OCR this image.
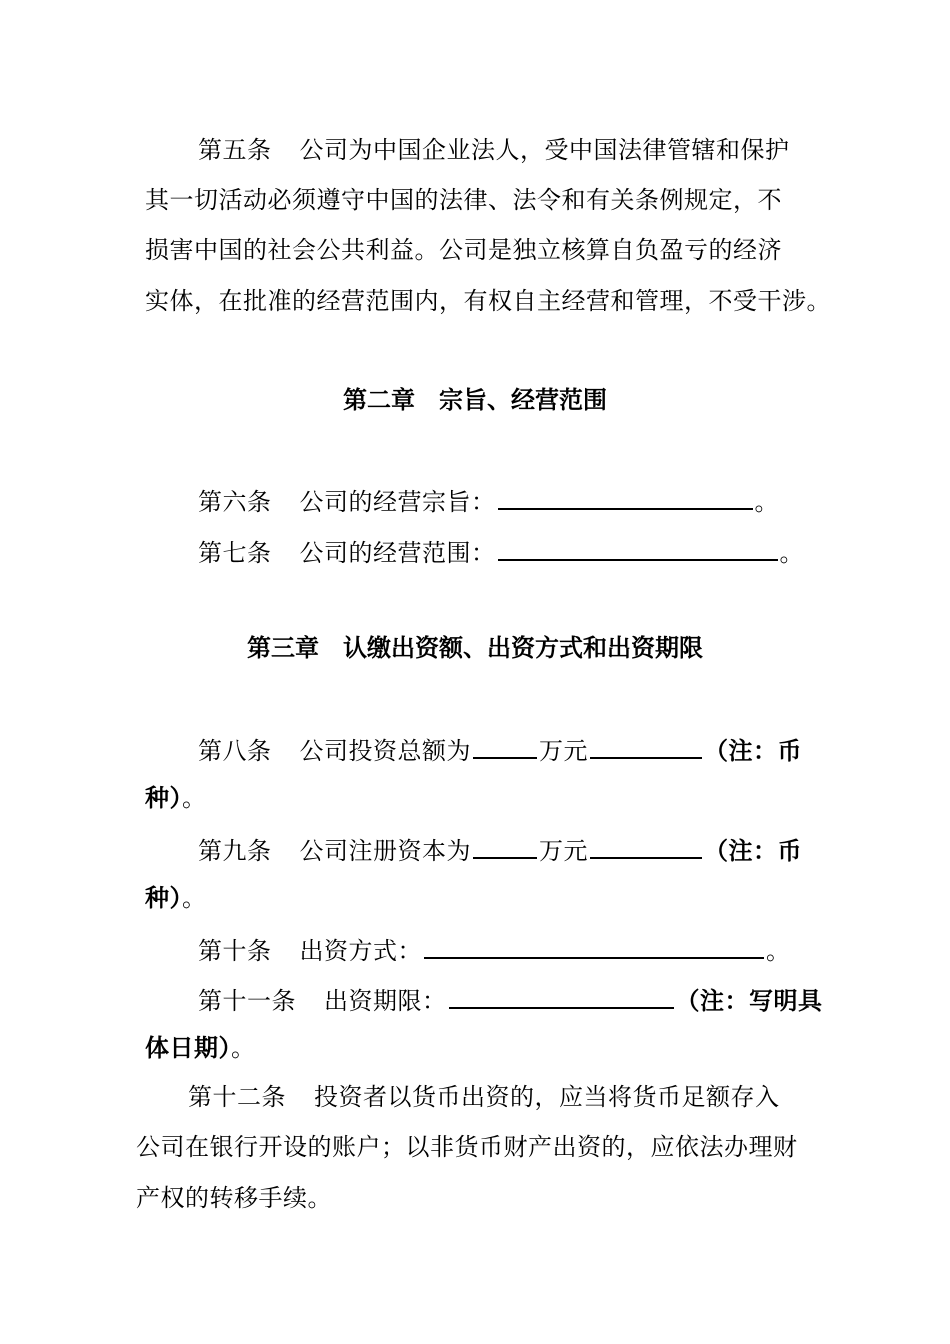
第五条 公司为中国企业法人，受中国法律管辖和保护
其一切活动必须遵守中国的法律、法令和有关条例规定，不
损害中国的社会公共利益。公司是独立核算自负盈亏的经济
实体，在批准的经营范围内，有权自主经营和管理，不受干涉。
第二章　宗旨、经营范围
第六条 公司的经营宗旨：	。
第七条 公司的经营范围：	。
第三章　认缴出资额、出资方式和出资期限
第八条 公司投资总额为	万元	（注：币
种）。
第九条 公司注册资本为	万元	（注：币
种）。
第十条 出资方式：	。
第十一条 出资期限：	（注：写明具
体日期）。
第十二条 投资者以货币出资的，应当将货币足额存入
公司在银行开设的账户；以非货币财产出资的，应依法办理财
产权的转移手续。
